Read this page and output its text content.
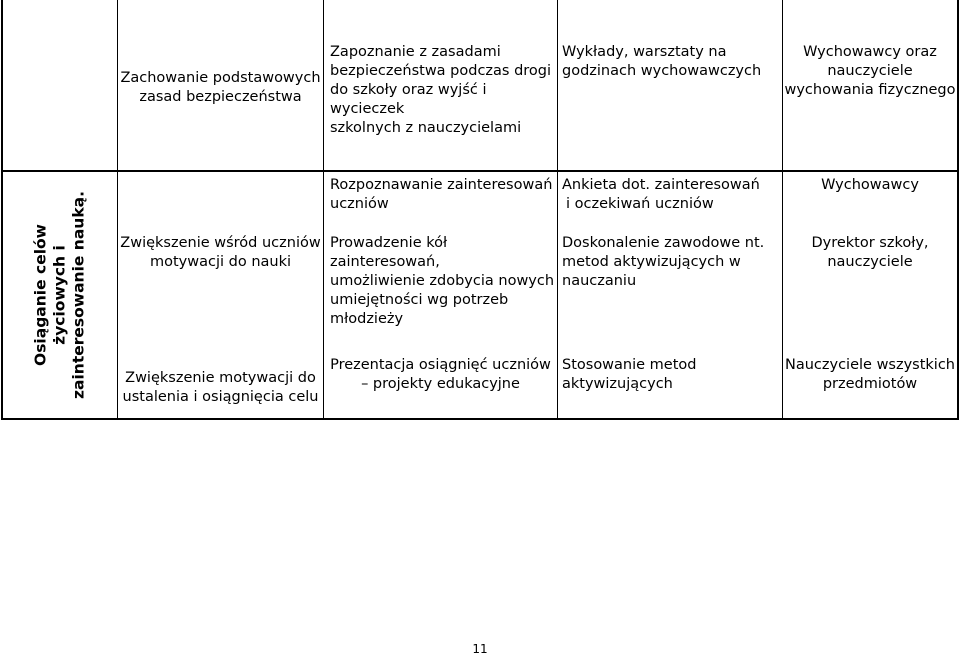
Zachowanie podstawowych
zasad bezpieczeństwa
Zapoznanie z zasadami
bezpieczeństwa podczas drogi
do szkoły oraz wyjść i wycieczek
szkolnych z nauczycielami
Wykłady, warsztaty na
godzinach wychowawczych
Wychowawcy oraz
nauczyciele
wychowania fizycznego
Osiąganie celów życiowych i zainteresowanie nauką.
Rozpoznawanie zainteresowań
uczniów
Ankieta dot. zainteresowań
i oczekiwań uczniów
Wychowawcy
Zwiększenie wśród uczniów
motywacji do nauki
Prowadzenie kół zainteresowań,
umożliwienie zdobycia nowych
umiejętności wg potrzeb
młodzieży
Doskonalenie zawodowe nt.
metod aktywizujących w
nauczaniu
Dyrektor szkoły,
nauczyciele
Zwiększenie motywacji do
ustalenia i osiągnięcia celu
Prezentacja osiągnięć uczniów
– projekty edukacyjne
Stosowanie metod
aktywizujących
Nauczyciele wszystkich
przedmiotów
11
